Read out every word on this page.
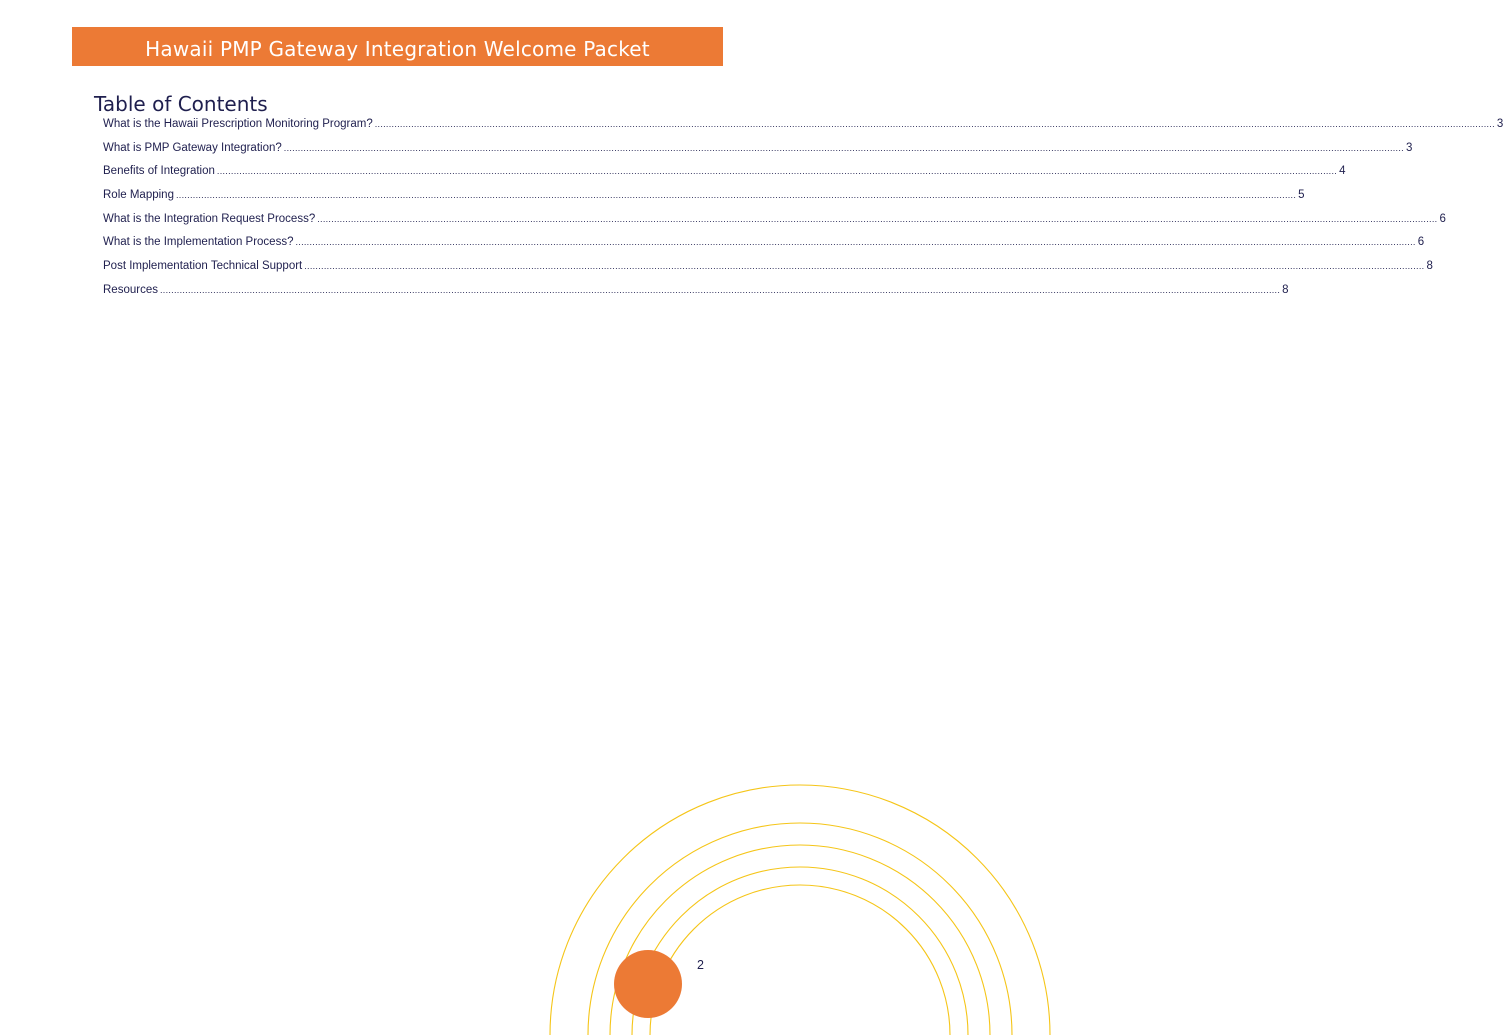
Hawaii PMP Gateway Integration Welcome Packet
Table of Contents
What is the Hawaii Prescription Monitoring Program? ................................................................................................................................................................................................................................................................................................................................................................................................................ 3
What is PMP Gateway Integration? ................................................................................................................................................................................................................................................................................................................................................................................................................ 3
Benefits of Integration ................................................................................................................................................................................................................................................................................................................................................................................................................ 4
Role Mapping ................................................................................................................................................................................................................................................................................................................................................................................................................ 5
What is the Integration Request Process? ................................................................................................................................................................................................................................................................................................................................................................................................................ 6
What is the Implementation Process? ................................................................................................................................................................................................................................................................................................................................................................................................................ 6
Post Implementation Technical Support ................................................................................................................................................................................................................................................................................................................................................................................................................ 8
Resources ................................................................................................................................................................................................................................................................................................................................................................................................................ 8
2
